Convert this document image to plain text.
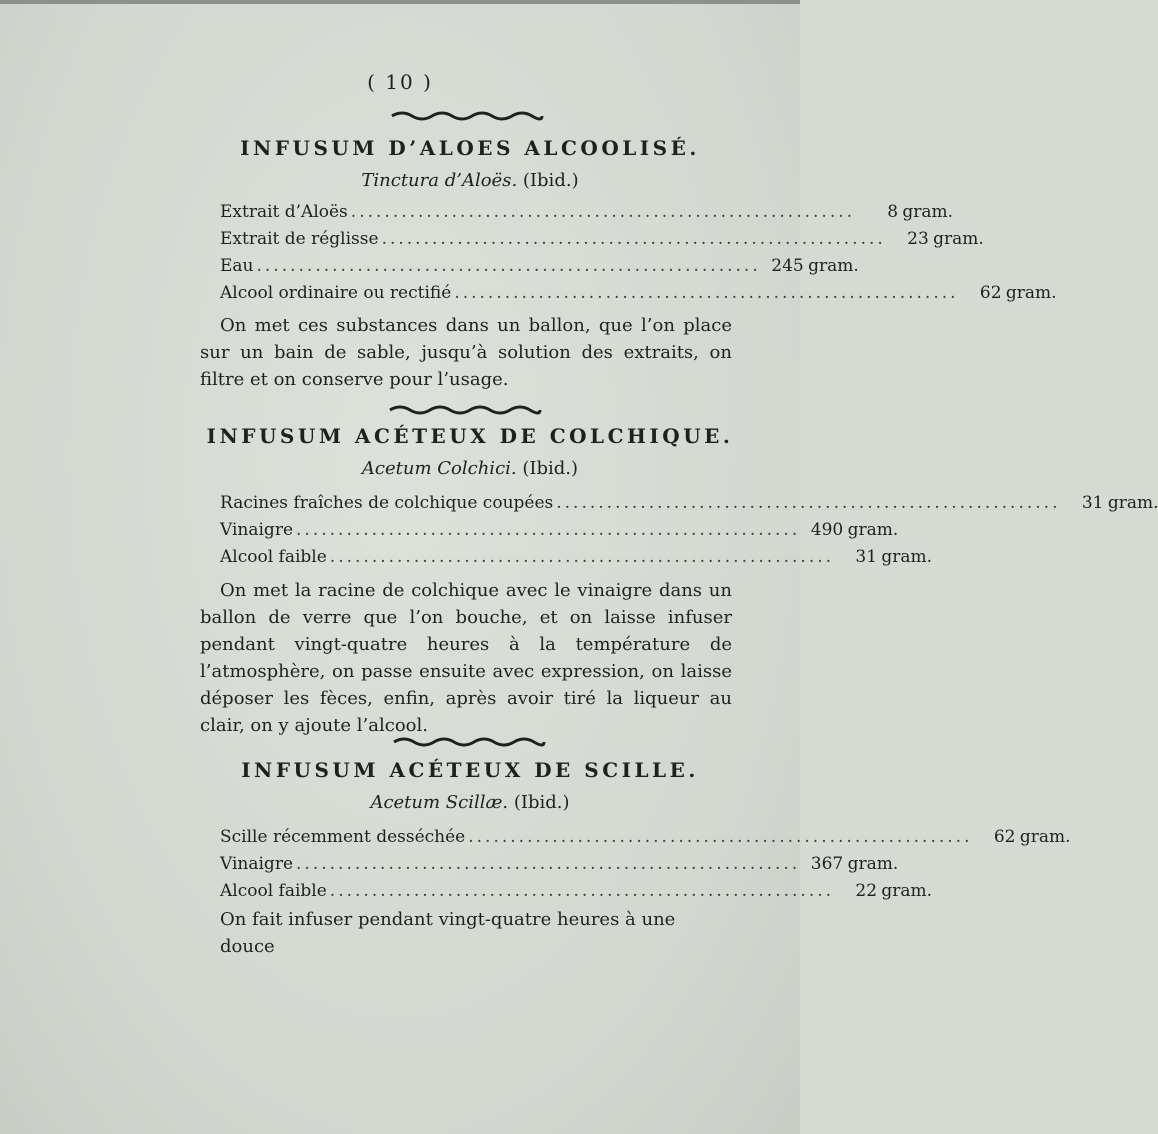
( 10 )
INFUSUM D’ALOES ALCOOLISÉ.
Tinctura d’Aloës. (Ibid.)
Extrait d’Aloës ............................................................	8 gram.
Extrait de réglisse ............................................................	23 gram.
Eau ............................................................ 245 gram.
Alcool ordinaire ou rectifié ............................................................	62 gram.

On met ces substances dans un ballon, que l’on place sur un bain de sable, jusqu’à solution des extraits, on filtre et on conserve pour l’usage.

INFUSUM ACÉTEUX DE COLCHIQUE.
Acetum Colchici. (Ibid.)
Racines fraîches de colchique coupées ............................................................	31 gram.
Vinaigre ............................................................ 490 gram.
Alcool faible ............................................................	31 gram.

On met la racine de colchique avec le vinaigre dans un ballon de verre que l’on bouche, et on laisse infuser pendant vingt-quatre heures à la température de l’atmosphère, on passe ensuite avec expression, on laisse déposer les fèces, enfin, après avoir tiré la liqueur au clair, on y ajoute l’alcool.

INFUSUM ACÉTEUX DE SCILLE.
Acetum Scillæ. (Ibid.)
Scille récemment desséchée ............................................................	62 gram.
Vinaigre ............................................................ 367 gram.
Alcool faible ............................................................	22 gram.

On fait infuser pendant vingt-quatre heures à une douce
